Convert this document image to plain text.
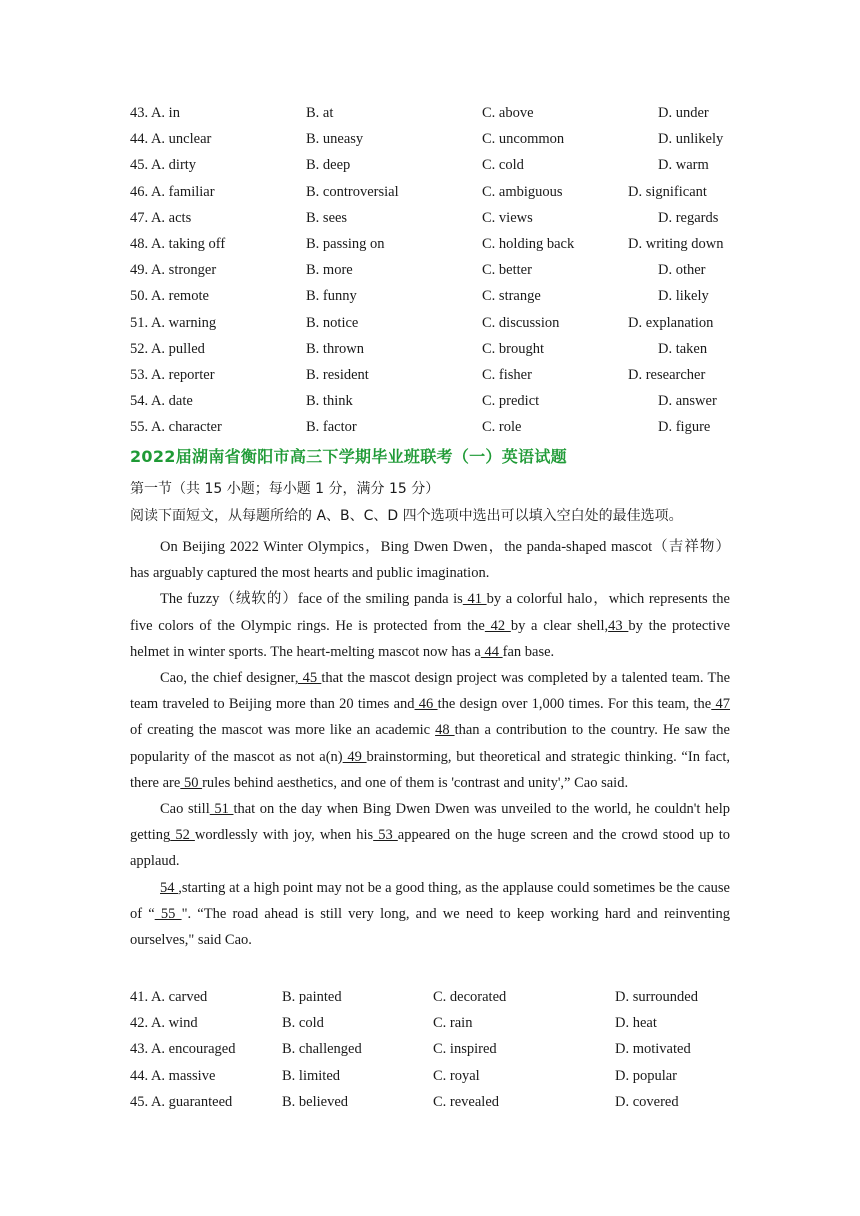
43. A. in	B. at	C. above	D. under
44. A. unclear	B. uneasy	C. uncommon	D. unlikely
45. A. dirty	B. deep	C. cold	D. warm
46. A. familiar	B. controversial	C. ambiguous	D. significant
47. A. acts	B. sees	C. views	D. regards
48. A. taking off	B. passing on	C. holding back	D. writing down
49. A. stronger	B. more	C. better	D. other
50. A. remote	B. funny	C. strange	D. likely
51. A. warning	B. notice	C. discussion	D. explanation
52. A. pulled	B. thrown	C. brought	D. taken
53. A. reporter	B. resident	C. fisher	D. researcher
54. A. date	B. think	C. predict	D. answer
55. A. character	B. factor	C. role	D. figure
2022届湖南省衡阳市高三下学期毕业班联考（一）英语试题
第一节（共 15 小题；每小题 1 分，满分 15 分）
阅读下面短文，从每题所给的 A、B、C、D 四个选项中选出可以填入空白处的最佳选项。

On Beijing 2022 Winter Olympics，Bing Dwen Dwen，the panda-shaped mascot（吉祥物）has arguably captured the most hearts and public imagination.

The fuzzy（绒软的）face of the smiling panda is 41 by a colorful halo，which represents the five colors of the Olympic rings. He is protected from the 42 by a clear shell,43 by the protective helmet in winter sports. The heart-melting mascot now has a 44 fan base.

Cao, the chief designer, 45 that the mascot design project was completed by a talented team. The team traveled to Beijing more than 20 times and 46 the design over 1,000 times. For this team, the 47 of creating the mascot was more like an academic 48 than a contribution to the country. He saw the popularity of the mascot as not a(n) 49 brainstorming, but theoretical and strategic thinking. “In fact, there are 50 rules behind aesthetics, and one of them is 'contrast and unity',” Cao said.

Cao still 51 that on the day when Bing Dwen Dwen was unveiled to the world, he couldn't help getting 52 wordlessly with joy, when his 53 appeared on the huge screen and the crowd stood up to applaud.

54 ,starting at a high point may not be a good thing, as the applause could sometimes be the cause of “ 55 ". “The road ahead is still very long, and we need to keep working hard and reinventing ourselves," said Cao.

41. A. carved	B. painted	C. decorated	D. surrounded
42. A. wind	B. cold	C. rain	D. heat
43. A. encouraged	B. challenged	C. inspired	D. motivated
44. A. massive	B. limited	C. royal	D. popular
45. A. guaranteed	B. believed	C. revealed	D. covered
